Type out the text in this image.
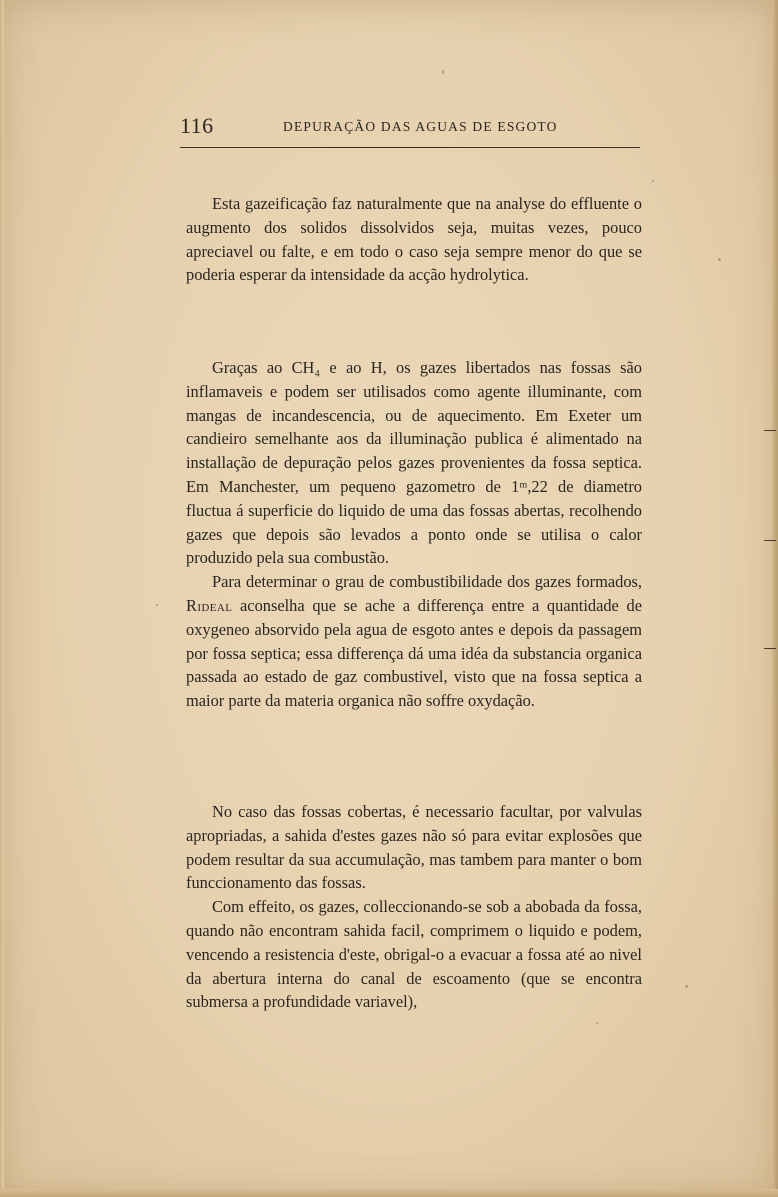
116	DEPURAÇÃO DAS AGUAS DE ESGOTO

Esta gazeificação faz naturalmente que na analyse do effluente o augmento dos solidos dissolvidos seja, muitas vezes, pouco apreciavel ou falte, e em todo o caso seja sempre menor do que se poderia esperar da intensidade da acção hydrolytica.

Graças ao CH₄ e ao H, os gazes libertados nas fossas são inflamaveis e podem ser utilisados como agente illuminante, com mangas de incandescencia, ou de aquecimento. Em Exeter um candieiro semelhante aos da illuminação publica é alimentado na installação de depuração pelos gazes provenientes da fossa septica. Em Manchester, um pequeno gazometro de 1ᵐ,22 de diametro fluctua á superficie do liquido de uma das fossas abertas, recolhendo gazes que depois são levados a ponto onde se utilisa o calor produzido pela sua combustão.

Para determinar o grau de combustibilidade dos gazes formados, Rideal aconselha que se ache a differença entre a quantidade de oxygeneo absorvido pela agua de esgoto antes e depois da passagem por fossa septica; essa differença dá uma idéa da substancia organica passada ao estado de gaz combustivel, visto que na fossa septica a maior parte da materia organica não soffre oxydação.

No caso das fossas cobertas, é necessario facultar, por valvulas apropriadas, a sahida d'estes gazes não só para evitar explosões que podem resultar da sua accumulação, mas tambem para manter o bom funccionamento das fossas.

Com effeito, os gazes, colleccionando-se sob a abobada da fossa, quando não encontram sahida facil, comprimem o liquido e podem, vencendo a resistencia d'este, obrigal-o a evacuar a fossa até ao nivel da abertura interna do canal de escoamento (que se encontra submersa a profundidade variavel),
